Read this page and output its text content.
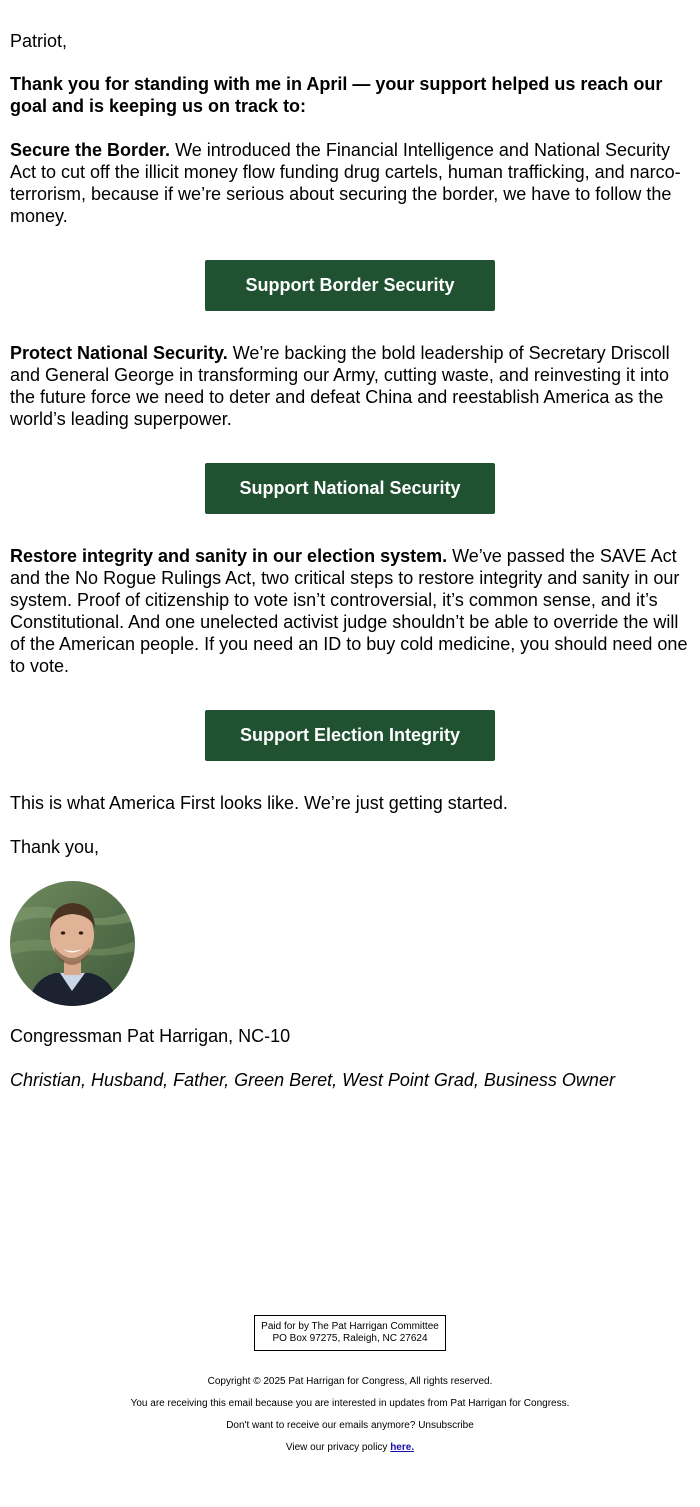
Patriot,
Thank you for standing with me in April — your support helped us reach our goal and is keeping us on track to:
Secure the Border. We introduced the Financial Intelligence and National Security Act to cut off the illicit money flow funding drug cartels, human trafficking, and narco-terrorism, because if we’re serious about securing the border, we have to follow the money.
Support Border Security
Protect National Security. We’re backing the bold leadership of Secretary Driscoll and General George in transforming our Army, cutting waste, and reinvesting it into the future force we need to deter and defeat China and reestablish America as the world’s leading superpower.
Support National Security
Restore integrity and sanity in our election system. We’ve passed the SAVE Act and the No Rogue Rulings Act, two critical steps to restore integrity and sanity in our system. Proof of citizenship to vote isn’t controversial, it’s common sense, and it’s Constitutional. And one unelected activist judge shouldn’t be able to override the will of the American people. If you need an ID to buy cold medicine, you should need one to vote.
Support Election Integrity
This is what America First looks like. We’re just getting started.
Thank you,
Congressman Pat Harrigan, NC-10
Christian, Husband, Father, Green Beret, West Point Grad, Business Owner
Paid for by The Pat Harrigan Committee
PO Box 97275, Raleigh, NC 27624
Copyright © 2025 Pat Harrigan for Congress, All rights reserved.
You are receiving this email because you are interested in updates from Pat Harrigan for Congress.
Don't want to receive our emails anymore? Unsubscribe
View our privacy policy here.
